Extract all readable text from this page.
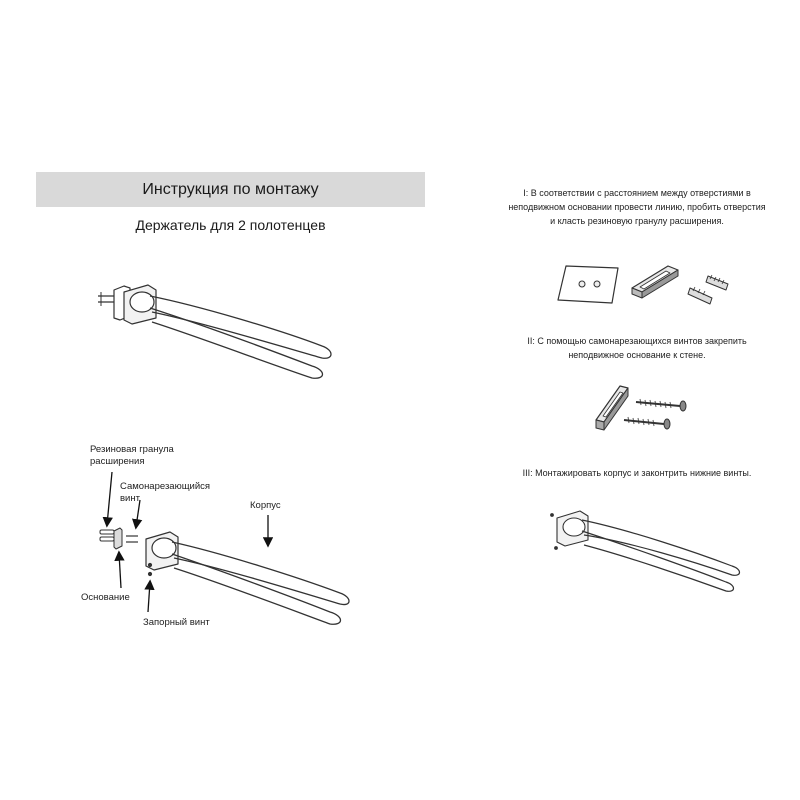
Инструкция по монтажу
Держатель для 2 полотенцев
Резиновая гранула расширения
Самонарезающийся винт
Корпус
Основание
Запорный винт
I: В соответствии с расстоянием между отверстиями в неподвижном основании провести линию, пробить отверстия и класть резиновую гранулу расширения.
II: С помощью самонарезающихся винтов закрепить неподвижное основание к стене.
III: Монтажировать корпус и законтрить нижние винты.
